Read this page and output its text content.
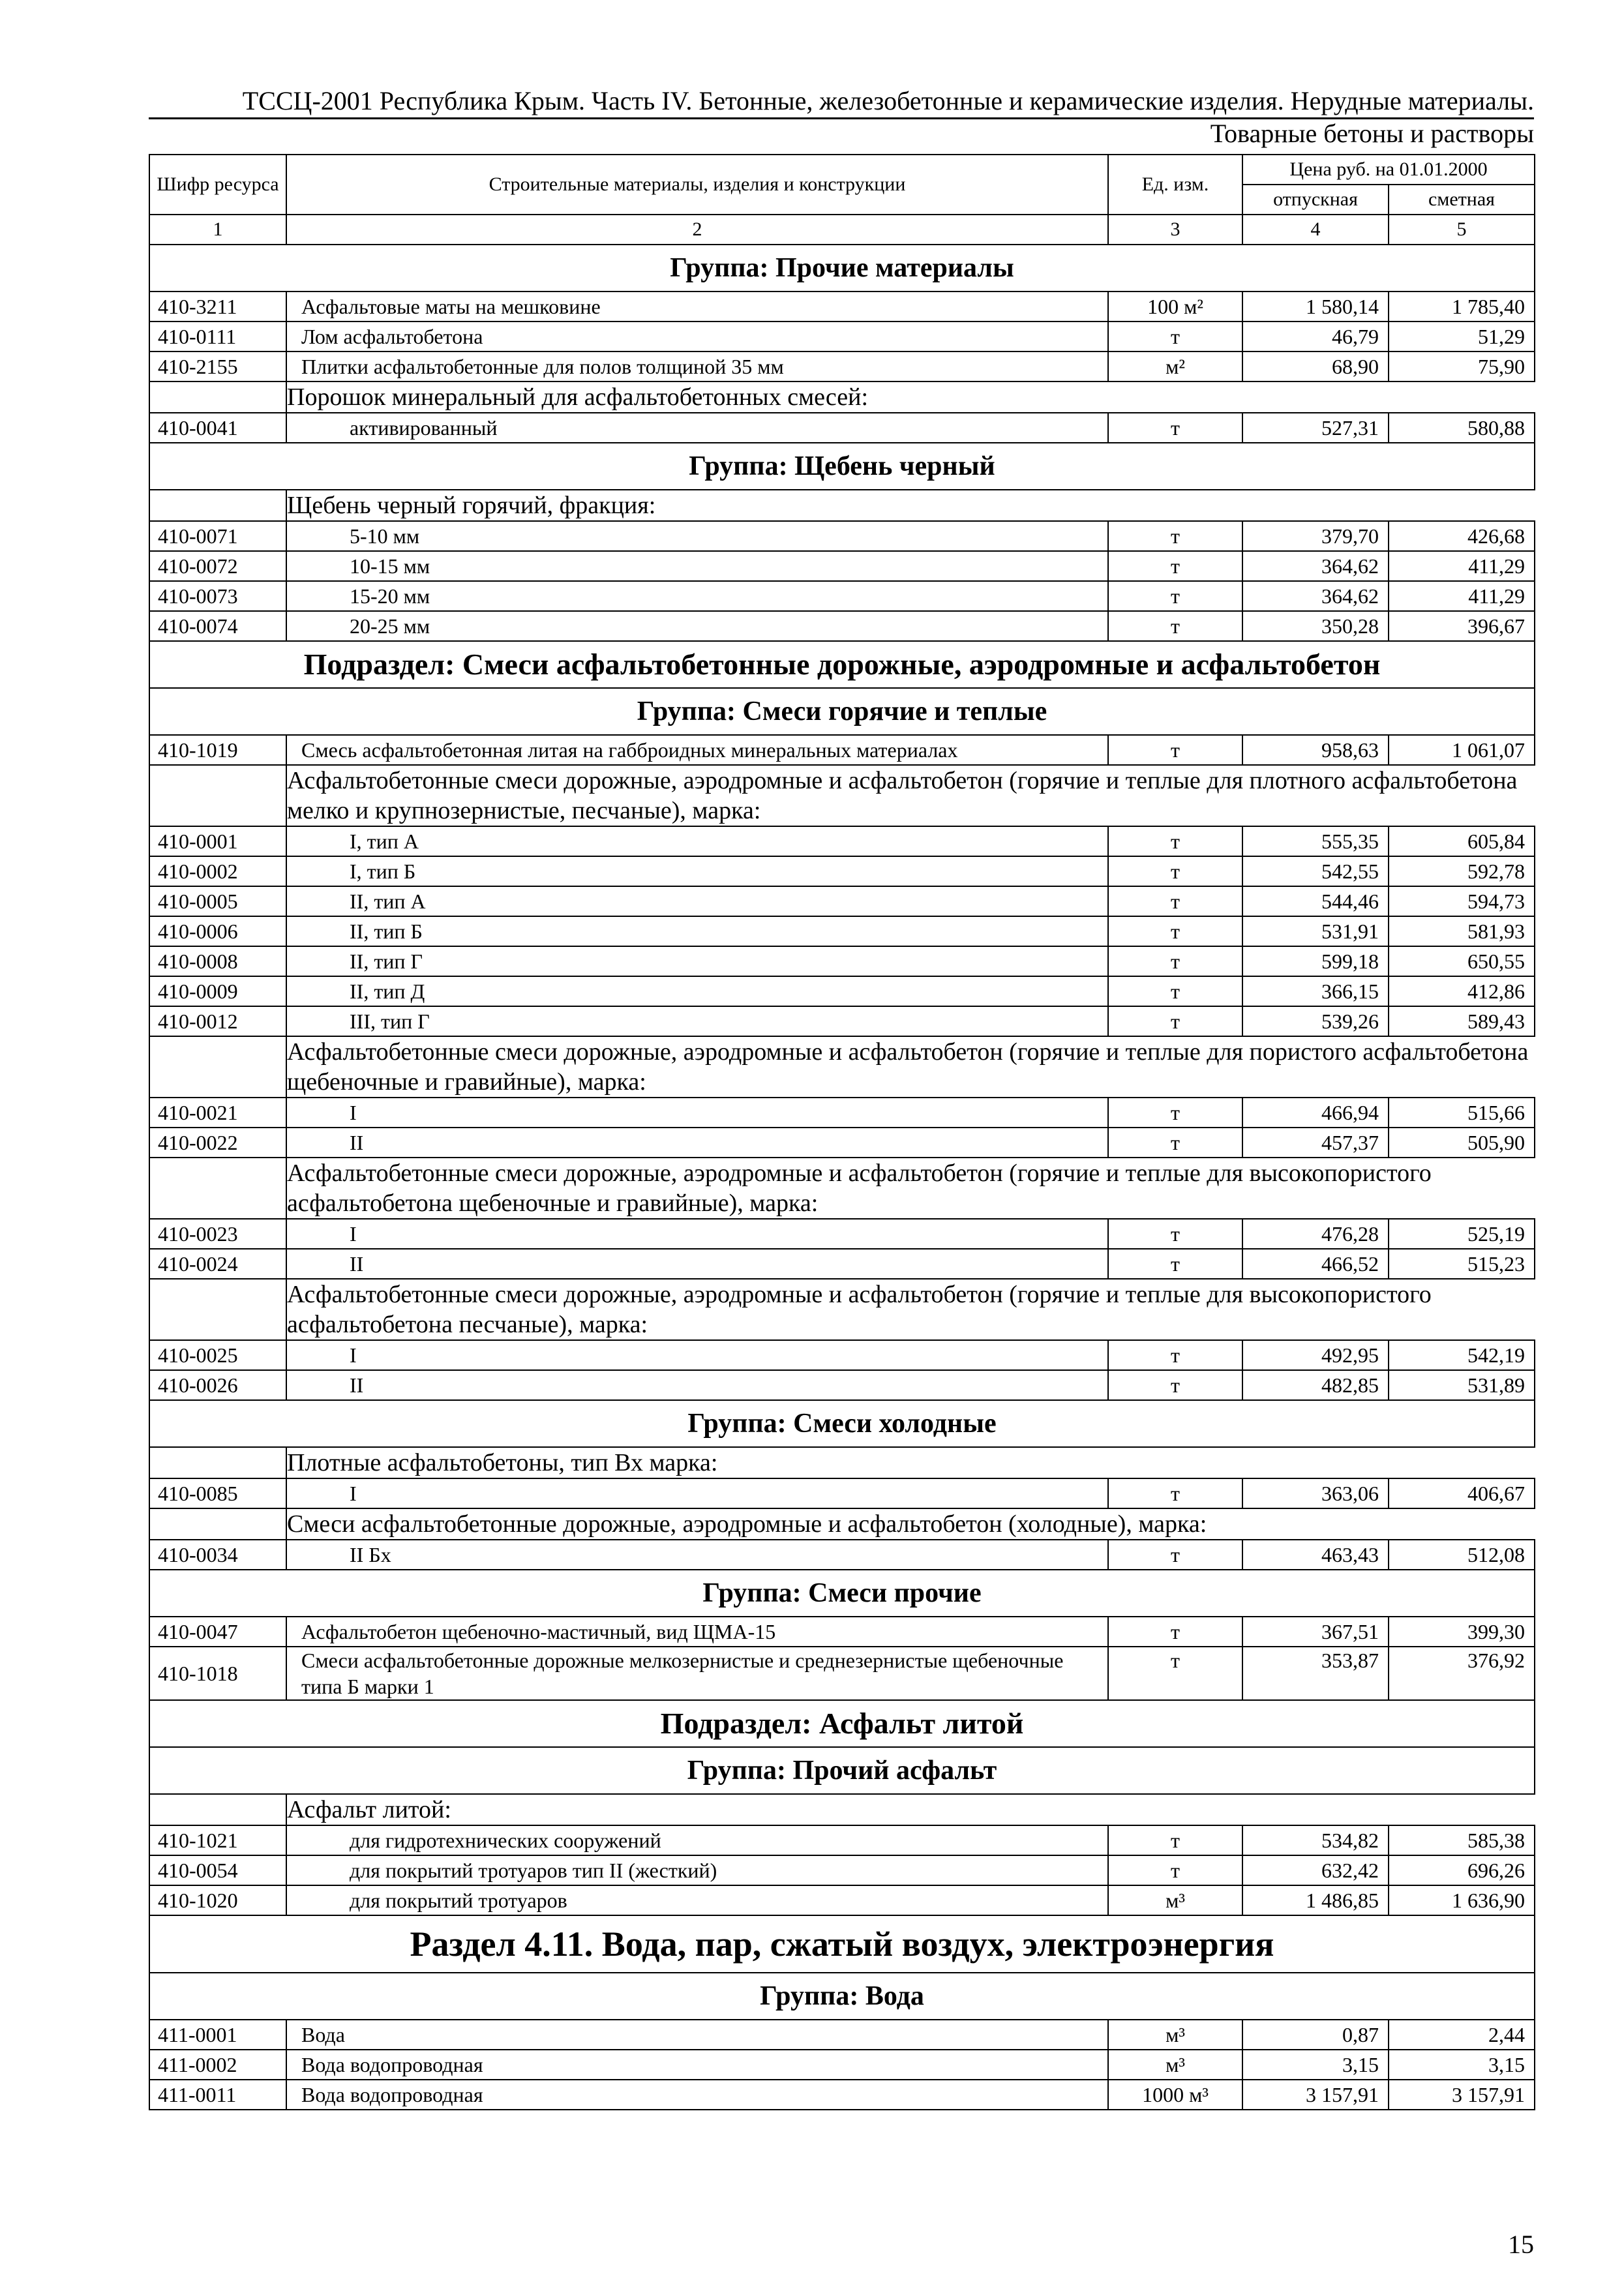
ТССЦ-2001 Республика Крым. Часть IV. Бетонные, железобетонные и керамические изделия. Нерудные материалы.
Товарные бетоны и растворы
Шифр ресурса	Строительные материалы, изделия и конструкции	Ед. изм.	Цена руб. на 01.01.2000	
			отпускная	сметная
1	2	3	4	5
Группа: Прочие материалы				
410-3211	Асфальтовые маты на мешковине	100 м²	1 580,14	1 785,40
410-0111	Лом асфальтобетона	т	46,79	51,29
410-2155	Плитки асфальтобетонные для полов толщиной 35 мм	м²	68,90	75,90
	Порошок минеральный для асфальтобетонных смесей:			
410-0041	активированный	т	527,31	580,88
Группа: Щебень черный				
	Щебень черный горячий, фракция:			
410-0071	5-10 мм	т	379,70	426,68
410-0072	10-15 мм	т	364,62	411,29
410-0073	15-20 мм	т	364,62	411,29
410-0074	20-25 мм	т	350,28	396,67
Подраздел: Смеси асфальтобетонные дорожные, аэродромные и асфальтобетон				
Группа: Смеси горячие и теплые				
410-1019	Смесь асфальтобетонная литая на габброидных минеральных материалах	т	958,63	1 061,07
	Асфальтобетонные смеси дорожные, аэродромные и асфальтобетон (горячие и теплые для плотного асфальтобетона мелко и крупнозернистые, песчаные), марка:			
410-0001	I, тип А	т	555,35	605,84
410-0002	I, тип Б	т	542,55	592,78
410-0005	II, тип А	т	544,46	594,73
410-0006	II, тип Б	т	531,91	581,93
410-0008	II, тип Г	т	599,18	650,55
410-0009	II, тип Д	т	366,15	412,86
410-0012	III, тип Г	т	539,26	589,43
	Асфальтобетонные смеси дорожные, аэродромные и асфальтобетон (горячие и теплые для пористого асфальтобетона щебеночные и гравийные), марка:			
410-0021	I	т	466,94	515,66
410-0022	II	т	457,37	505,90
	Асфальтобетонные смеси дорожные, аэродромные и асфальтобетон (горячие и теплые для высокопористого асфальтобетона щебеночные и гравийные), марка:			
410-0023	I	т	476,28	525,19
410-0024	II	т	466,52	515,23
	Асфальтобетонные смеси дорожные, аэродромные и асфальтобетон (горячие и теплые для высокопористого асфальтобетона песчаные), марка:			
410-0025	I	т	492,95	542,19
410-0026	II	т	482,85	531,89
Группа: Смеси холодные				
	Плотные асфальтобетоны, тип Вх марка:			
410-0085	I	т	363,06	406,67
	Смеси асфальтобетонные дорожные, аэродромные и асфальтобетон (холодные), марка:			
410-0034	II Бх	т	463,43	512,08
Группа: Смеси прочие				
410-0047	Асфальтобетон щебеночно-мастичный, вид ЩМА-15	т	367,51	399,30
410-1018	Смеси асфальтобетонные дорожные мелкозернистые и среднезернистые щебеночные типа Б марки 1	т	353,87	376,92
Подраздел: Асфальт литой				
Группа: Прочий асфальт				
	Асфальт литой:			
410-1021	для гидротехнических сооружений	т	534,82	585,38
410-0054	для покрытий тротуаров тип II (жесткий)	т	632,42	696,26
410-1020	для покрытий тротуаров	м³	1 486,85	1 636,90
Раздел 4.11. Вода, пар, сжатый воздух, электроэнергия				
Группа: Вода				
411-0001	Вода	м³	0,87	2,44
411-0002	Вода водопроводная	м³	3,15	3,15
411-0011	Вода водопроводная	1000 м³	3 157,91	3 157,91
15
